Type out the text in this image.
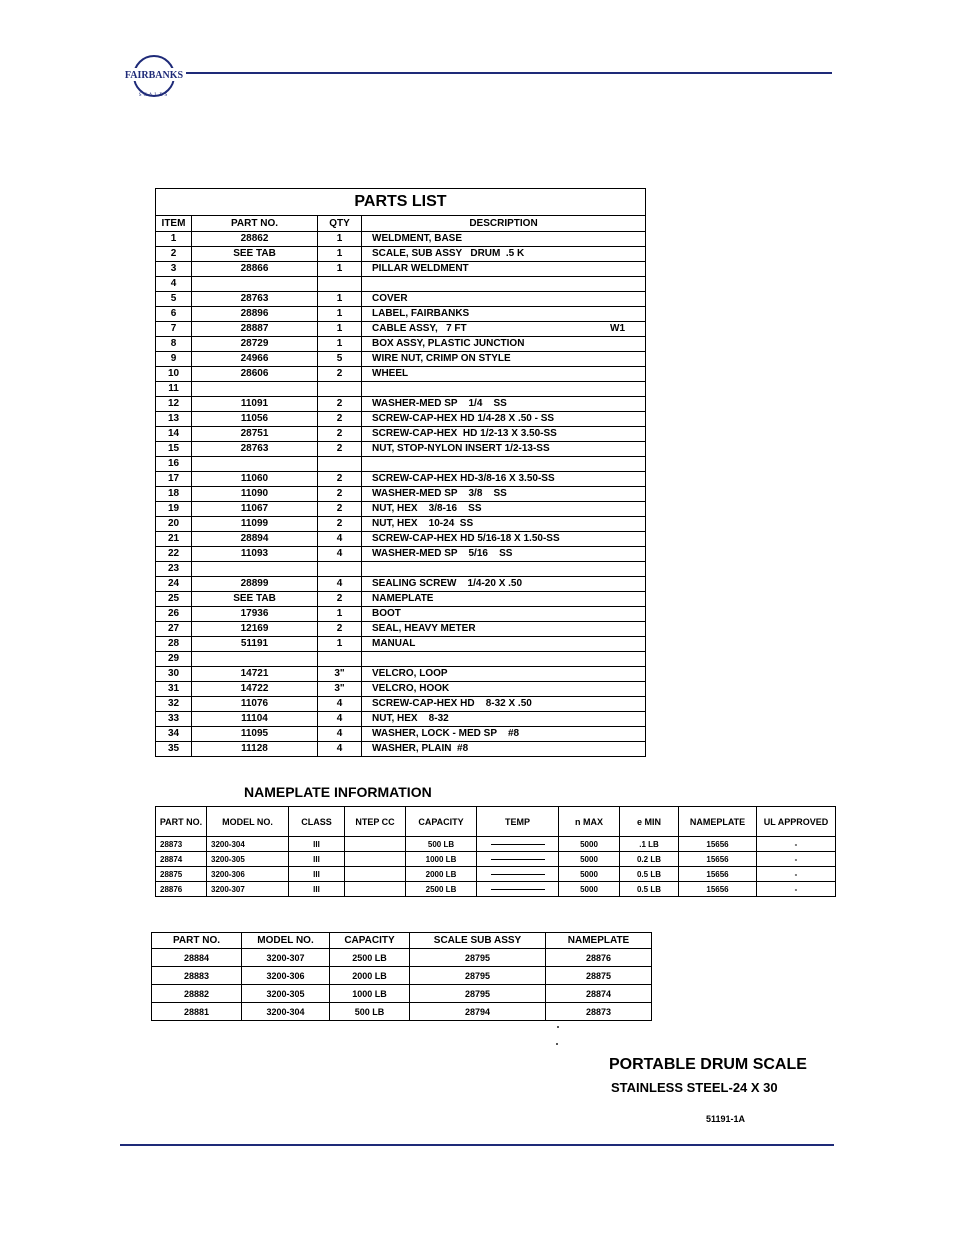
FAIRBANKS
SCALES
PARTS LIST			
ITEM	PART NO.	QTY	DESCRIPTION
1	28862	1	WELDMENT, BASE
2	SEE TAB	1	SCALE, SUB ASSY   DRUM  .5 K
3	28866	1	PILLAR WELDMENT
4			
5	28763	1	COVER
6	28896	1	LABEL, FAIRBANKS
7	28887	1	CABLE ASSY,   7 FT W1

8	28729	1	BOX ASSY, PLASTIC JUNCTION
9	24966	5	WIRE NUT, CRIMP ON STYLE
10	28606	2	WHEEL
11			
12	11091	2	WASHER-MED SP    1/4    SS
13	11056	2	SCREW-CAP-HEX HD 1/4-28 X .50 - SS
14	28751	2	SCREW-CAP-HEX  HD 1/2-13 X 3.50-SS
15	28763	2	NUT, STOP-NYLON INSERT 1/2-13-SS
16			
17	11060	2	SCREW-CAP-HEX HD-3/8-16 X 3.50-SS
18	11090	2	WASHER-MED SP    3/8    SS
19	11067	2	NUT, HEX    3/8-16    SS
20	11099	2	NUT, HEX    10-24  SS
21	28894	4	SCREW-CAP-HEX HD 5/16-18 X 1.50-SS
22	11093	4	WASHER-MED SP    5/16    SS
23			
24	28899	4	SEALING SCREW    1/4-20 X .50
25	SEE TAB	2	NAMEPLATE
26	17936	1	BOOT
27	12169	2	SEAL, HEAVY METER
28	51191	1	MANUAL
29			
30	14721	3"	VELCRO, LOOP
31	14722	3"	VELCRO, HOOK
32	11076	4	SCREW-CAP-HEX HD    8-32 X .50
33	11104	4	NUT, HEX    8-32
34	11095	4	WASHER, LOCK - MED SP    #8
35	11128	4	WASHER, PLAIN  #8
NAMEPLATE INFORMATION
PART NO.	MODEL NO.	CLASS	NTEP CC	CAPACITY	TEMP	n MAX	e MIN	NAMEPLATE	UL APPROVED
28873	3200-304	III		500 LB		5000	.1 LB	15656	-
28874	3200-305	III		1000 LB		5000	0.2 LB	15656	-
28875	3200-306	III		2000 LB		5000	0.5 LB	15656	-
28876	3200-307	III		2500 LB		5000	0.5 LB	15656	-
PART NO.	MODEL NO.	CAPACITY	SCALE SUB ASSY	NAMEPLATE
28884	3200-307	2500 LB	28795	28876
28883	3200-306	2000 LB	28795	28875
28882	3200-305	1000 LB	28795	28874
28881	3200-304	500 LB	28794	28873
PORTABLE DRUM SCALE
STAINLESS STEEL-24 X 30
51191-1A
